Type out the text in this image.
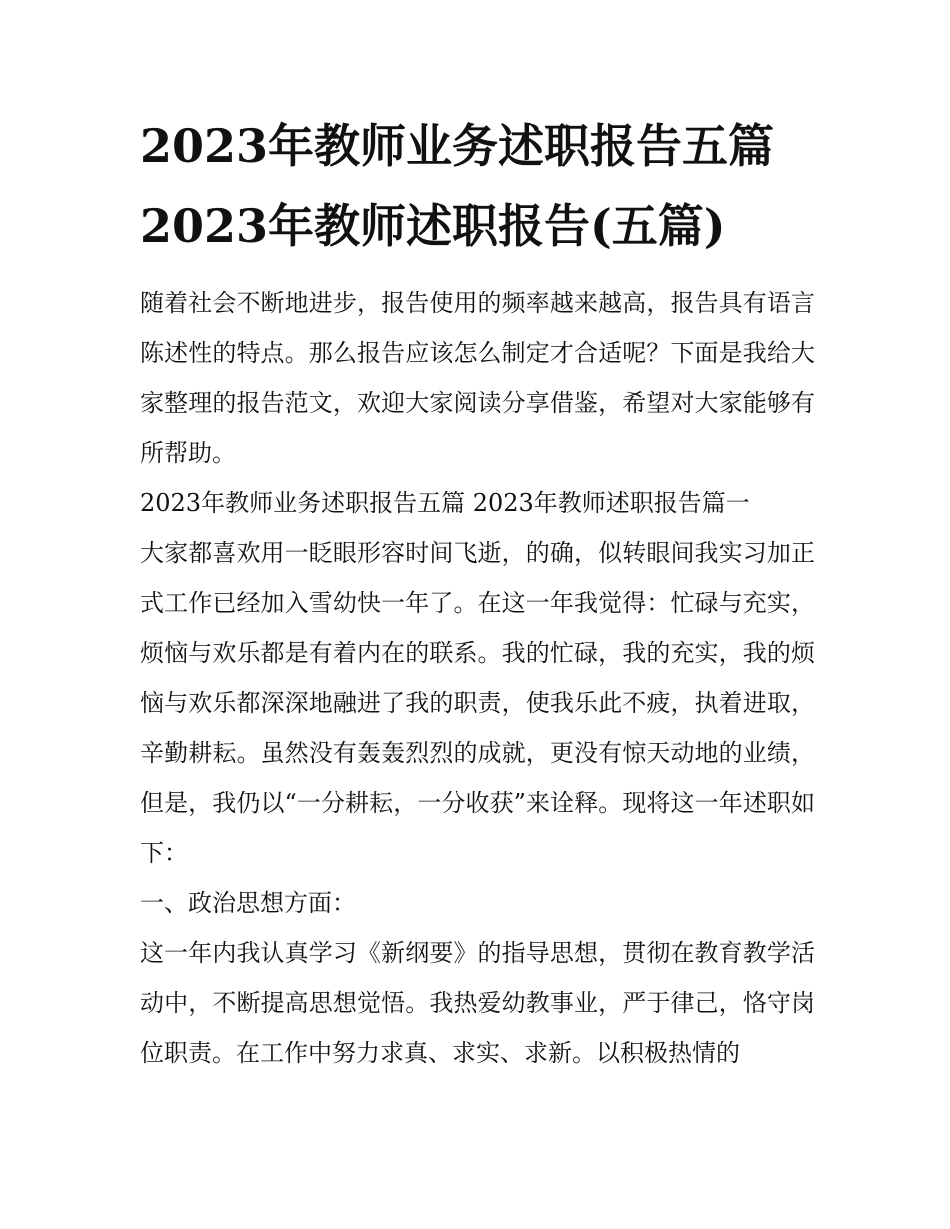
2023年教师业务述职报告五篇
2023年教师述职报告(五篇)

随着社会不断地进步，报告使用的频率越来越高，报告具有语言陈述性的特点。那么报告应该怎么制定才合适呢？下面是我给大家整理的报告范文，欢迎大家阅读分享借鉴，希望对大家能够有所帮助。

2023年教师业务述职报告五篇 2023年教师述职报告篇一

大家都喜欢用一眨眼形容时间飞逝，的确，似转眼间我实习加正式工作已经加入雪幼快一年了。在这一年我觉得：忙碌与充实，烦恼与欢乐都是有着内在的联系。我的忙碌，我的充实，我的烦恼与欢乐都深深地融进了我的职责，使我乐此不疲，执着进取，辛勤耕耘。虽然没有轰轰烈烈的成就，更没有惊天动地的业绩，但是，我仍以“一分耕耘，一分收获”来诠释。现将这一年述职如下：

一、政治思想方面：

这一年内我认真学习《新纲要》的指导思想，贯彻在教育教学活动中，不断提高思想觉悟。我热爱幼教事业，严于律己，恪守岗位职责。在工作中努力求真、求实、求新。以积极热情的
